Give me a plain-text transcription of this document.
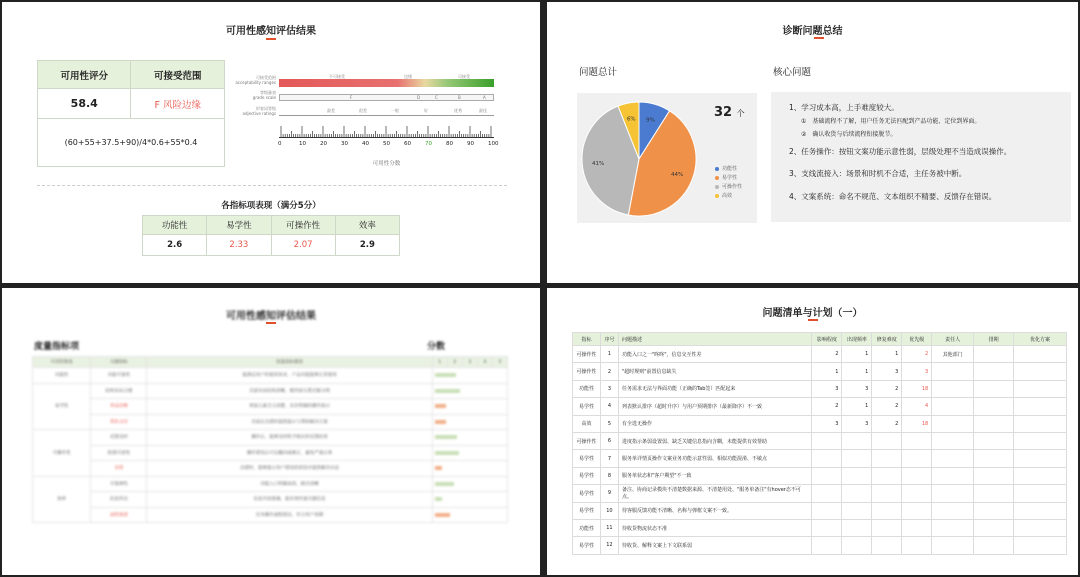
可用性感知评估结果
可用性评分	可接受范围
58.4	F 风险边缘
(60+55+37.5+90)/4*0.6+55*0.4	
可接受范围
acceptability ranges
等级量表
grade scale
形容词等级
adjective ratings
不可接受	边缘	可接受
F	D	C	B	A
最差	很差	一般	好	优秀	最佳
0	10	20	30	40	50	60	70	80	90	100
可用性分数
各指标项表现（满分5分）
功能性	易学性	可操作性	效率
2.6	2.33	2.07	2.9
诊断问题总结
问题总计	核心问题
9%
44%
41%
6%	32 个
功能性
易学性
可操作性
高效
1、学习成本高，上手难度较大。
①　基础流程不了解，用户任务无法匹配到产品功能、定位到界面。
②　确认收货与后续流程衔接脱节。
2、任务操作：按钮文案功能示意性弱，层级处理不当造成误操作。
3、支线流接入：场景和时机不合适，主任务被中断。
4、文案系统：命名不规范、文本组织不精要、反馈存在错误。
可用性感知评估结果
度量指标项	分数
可用性维度	关键指标	度量指标描述	1	2	3	4	5
功能性	功能可靠性	能满足用户的使用诉求，产品功能能够正常使用					

易学性	结构布局合理	页面布局结构清晰，模块间关系层级分明					

	界面清晰	界面元素含义清楚，具有明确的操作指示					

	帮助支持	页面在出错时提供提示与帮助解决方案					

可操作性	反馈及时	操作后，能够及时给予相应的反馈结果					

	防错可逆性	操作错误后可以撤回或修正，避免严重后果					

	容错	出错时，能够提示用户错误的原因并提供解决办法					

效率	可靠弹性	功能入口明确易找，路径清晰					

	信息传达	信息内容准确，能有效传递关键信息					

	流程便捷	任务操作流程简洁，符合用户预期					
问题清单与计划（一）
指标	序号	问题描述	影响程度	出现频率	修复难度	优先级	责任人	排期	优化方案
可操作性	1	功能入口之一"咚咚"，信息交互性差	2	1	1	2	其他部门		
可操作性	2	"超时规则"前置信息缺失	1	1	3	3			
功能性	3	任务需求无法与界面功能（正确的Tab签）匹配起来	3	3	2	18			
易学性	4	列表默认排序（超时升序）与用户预期排序（最新降序）不一致	2	1	2	4			
高效	5	有全选无操作	3	3	2	18			
可操作性	6	进度指示条弱设置弱、缺乏关键信息指向含糊，未能提供有效帮助							
易学性	7	服务单详情页操作文案业务功能示意性弱、相似功能混淆、不敏点							
易学性	8	服务单状态和"客户期望"不一致							
易学性	9	备注、协商记录模块不清楚数据来源、不清楚用处、"服务单备注"有hover态不可点。							
易学性	10	待客服反馈功能不清晰、名称与弹框文案不一致。							
功能性	11	待收货物流状态不准							
易学性	12	待收货、解释文案上下文联系弱							
